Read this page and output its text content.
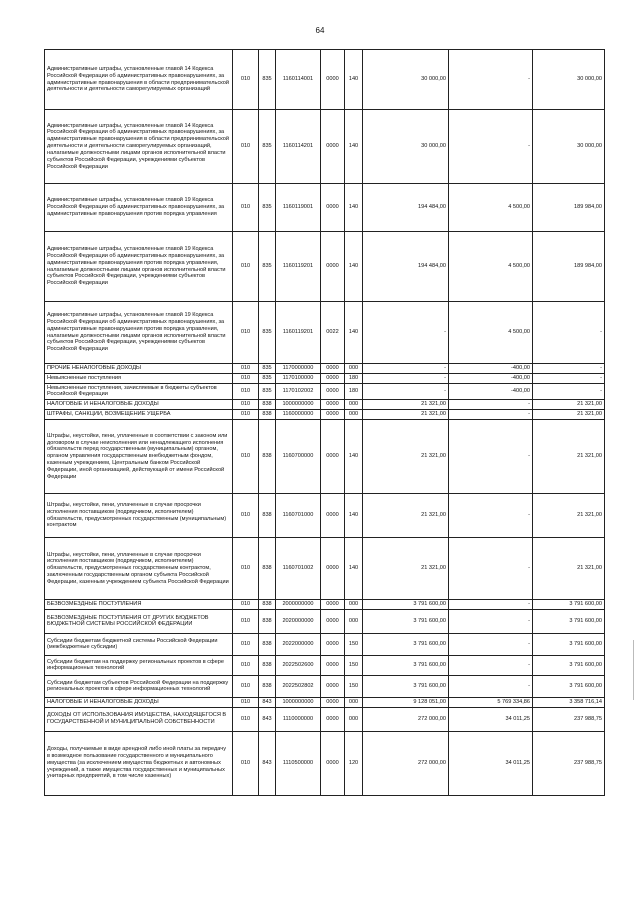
64
Административные штрафы, установленные главой 14 Кодекса Российской Федерации об административных правонарушениях, за административные правонарушения в области предпринимательской деятельности и деятельности саморегулируемых организаций	010	835	1160114001	0000	140	30 000,00	-	30 000,00
Административные штрафы, установленные главой 14 Кодекса Российской Федерации об административных правонарушениях, за административные правонарушения в области предпринимательской деятельности и деятельности саморегулируемых организаций, налагаемые должностными лицами органов исполнительной власти субъектов Российской Федерации, учреждениями субъектов Российской Федерации	010	835	1160114201	0000	140	30 000,00	-	30 000,00
Административные штрафы, установленные главой 19 Кодекса Российской Федерации об административных правонарушениях, за административные правонарушения против порядка управления	010	835	1160119001	0000	140	194 484,00	4 500,00	189 984,00
Административные штрафы, установленные главой 19 Кодекса Российской Федерации об административных правонарушениях, за административные правонарушения против порядка управления, налагаемые должностными лицами органов исполнительной власти субъектов Российской Федерации, учреждениями субъектов Российской Федерации	010	835	1160119201	0000	140	194 484,00	4 500,00	189 984,00
Административные штрафы, установленные главой 19 Кодекса Российской Федерации об административных правонарушениях, за административные правонарушения против порядка управления, налагаемые должностными лицами органов исполнительной власти субъектов Российской Федерации, учреждениями субъектов Российской Федерации	010	835	1160119201	0022	140	-	4 500,00	-
ПРОЧИЕ НЕНАЛОГОВЫЕ ДОХОДЫ	010	835	1170000000	0000	000	-	-400,00	-
Невыясненные поступления	010	835	1170100000	0000	180	-	-400,00	-
Невыясненные поступления, зачисляемые в бюджеты субъектов Российской Федерации	010	835	1170102002	0000	180	-	-400,00	-
НАЛОГОВЫЕ И НЕНАЛОГОВЫЕ ДОХОДЫ	010	838	1000000000	0000	000	21 321,00	-	21 321,00
ШТРАФЫ, САНКЦИИ, ВОЗМЕЩЕНИЕ УЩЕРБА	010	838	1160000000	0000	000	21 321,00	-	21 321,00
Штрафы, неустойки, пени, уплаченные в соответствии с законом или договором в случае неисполнения или ненадлежащего исполнения обязательств перед государственным (муниципальным) органом, органом управления государственным внебюджетным фондом, казенным учреждением, Центральным банком Российской Федерации, иной организацией, действующей от имени Российской Федерации	010	838	1160700000	0000	140	21 321,00	-	21 321,00
Штрафы, неустойки, пени, уплаченные в случае просрочки исполнения поставщиком (подрядчиком, исполнителем) обязательств, предусмотренных государственным (муниципальным) контрактом	010	838	1160701000	0000	140	21 321,00	-	21 321,00
Штрафы, неустойки, пени, уплаченные в случае просрочки исполнения поставщиком (подрядчиком, исполнителем) обязательств, предусмотренных государственным контрактом, заключенным государственным органом субъекта Российской Федерации, казенным учреждением субъекта Российской Федерации	010	838	1160701002	0000	140	21 321,00	-	21 321,00
БЕЗВОЗМЕЗДНЫЕ ПОСТУПЛЕНИЯ	010	838	2000000000	0000	000	3 791 600,00	-	3 791 600,00
БЕЗВОЗМЕЗДНЫЕ ПОСТУПЛЕНИЯ ОТ ДРУГИХ БЮДЖЕТОВ БЮДЖЕТНОЙ СИСТЕМЫ РОССИЙСКОЙ ФЕДЕРАЦИИ	010	838	2020000000	0000	000	3 791 600,00	-	3 791 600,00
Субсидии бюджетам бюджетной системы Российской Федерации (межбюджетные субсидии)	010	838	2022000000	0000	150	3 791 600,00	-	3 791 600,00
Субсидии бюджетам на поддержку региональных проектов в сфере информационных технологий	010	838	2022502600	0000	150	3 791 600,00	-	3 791 600,00
Субсидии бюджетам субъектов Российской Федерации на поддержку региональных проектов в сфере информационных технологий	010	838	2022502802	0000	150	3 791 600,00	-	3 791 600,00
НАЛОГОВЫЕ И НЕНАЛОГОВЫЕ ДОХОДЫ	010	843	1000000000	0000	000	9 128 051,00	5 769 334,86	3 358 716,14
ДОХОДЫ ОТ ИСПОЛЬЗОВАНИЯ ИМУЩЕСТВА, НАХОДЯЩЕГОСЯ В ГОСУДАРСТВЕННОЙ И МУНИЦИПАЛЬНОЙ СОБСТВЕННОСТИ	010	843	1110000000	0000	000	272 000,00	34 011,25	237 988,75
Доходы, получаемые в виде арендной либо иной платы за передачу в возмездное пользование государственного и муниципального имущества (за исключением имущества бюджетных и автономных учреждений, а также имущества государственных и муниципальных унитарных предприятий, в том числе казенных)	010	843	1110500000	0000	120	272 000,00	34 011,25	237 988,75
